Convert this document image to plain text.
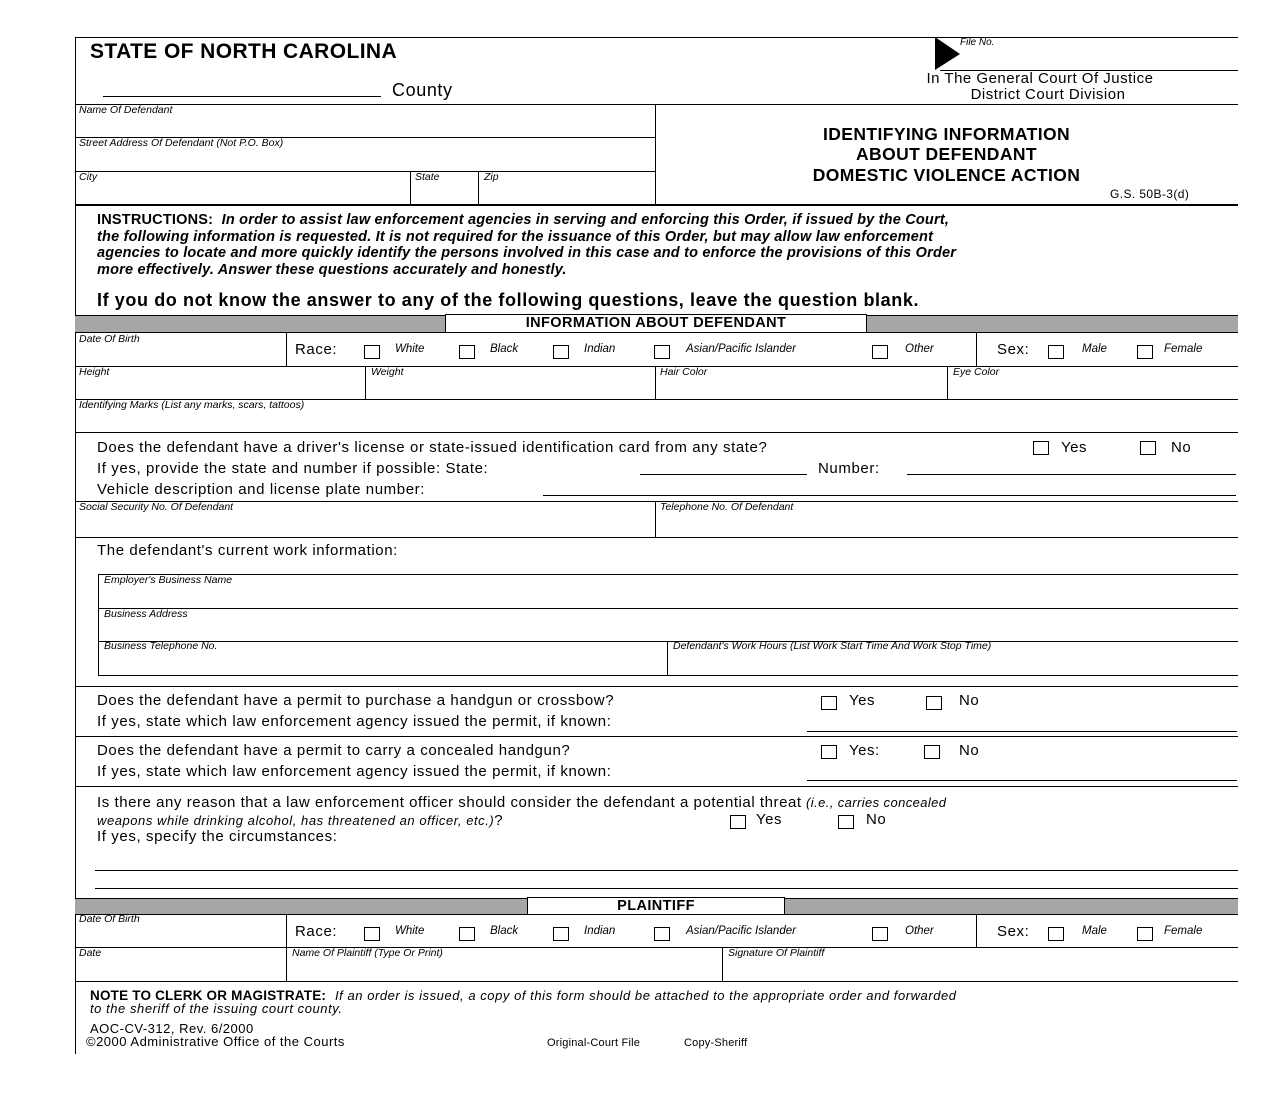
STATE OF NORTH CAROLINA
County
File No.
In The General Court Of Justice
District Court Division
Name Of Defendant
Street Address Of Defendant (Not P.O. Box)
City	State	Zip
IDENTIFYING INFORMATION
ABOUT DEFENDANT
DOMESTIC VIOLENCE ACTION
G.S. 50B-3(d)
INSTRUCTIONS: In order to assist law enforcement agencies in serving and enforcing this Order, if issued by the Court,
the following information is requested. It is not required for the issuance of this Order, but may allow law enforcement
agencies to locate and more quickly identify the persons involved in this case and to enforce the provisions of this Order
more effectively. Answer these questions accurately and honestly.
If you do not know the answer to any of the following questions, leave the question blank.
INFORMATION ABOUT DEFENDANT
Date Of Birth
Race:	White	Black	Indian	Asian/Pacific Islander	Other	Sex:	Male	Female
Height	Weight	Hair Color	Eye Color
Identifying Marks (List any marks, scars, tattoos)
Does the defendant have a driver's license or state-issued identification card from any state?	Yes	No
If yes, provide the state and number if possible: State:	Number:
Vehicle description and license plate number:
Social Security No. Of Defendant	Telephone No. Of Defendant
The defendant's current work information:
Employer's Business Name
Business Address
Business Telephone No.	Defendant's Work Hours (List Work Start Time And Work Stop Time)
Does the defendant have a permit to purchase a handgun or crossbow?	Yes	No
If yes, state which law enforcement agency issued the permit, if known:
Does the defendant have a permit to carry a concealed handgun?	Yes:	No
If yes, state which law enforcement agency issued the permit, if known:
Is there any reason that a law enforcement officer should consider the defendant a potential threat (i.e., carries concealed
weapons while drinking alcohol, has threatened an officer, etc.)?	Yes	No
If yes, specify the circumstances:
PLAINTIFF
Date Of Birth
Race:	White	Black	Indian	Asian/Pacific Islander	Other	Sex:	Male	Female
Date	Name Of Plaintiff (Type Or Print)	Signature Of Plaintiff
NOTE TO CLERK OR MAGISTRATE: If an order is issued, a copy of this form should be attached to the appropriate order and forwarded
to the sheriff of the issuing court county.
AOC-CV-312, Rev. 6/2000
©2000 Administrative Office of the Courts	Original-Court File	Copy-Sheriff
